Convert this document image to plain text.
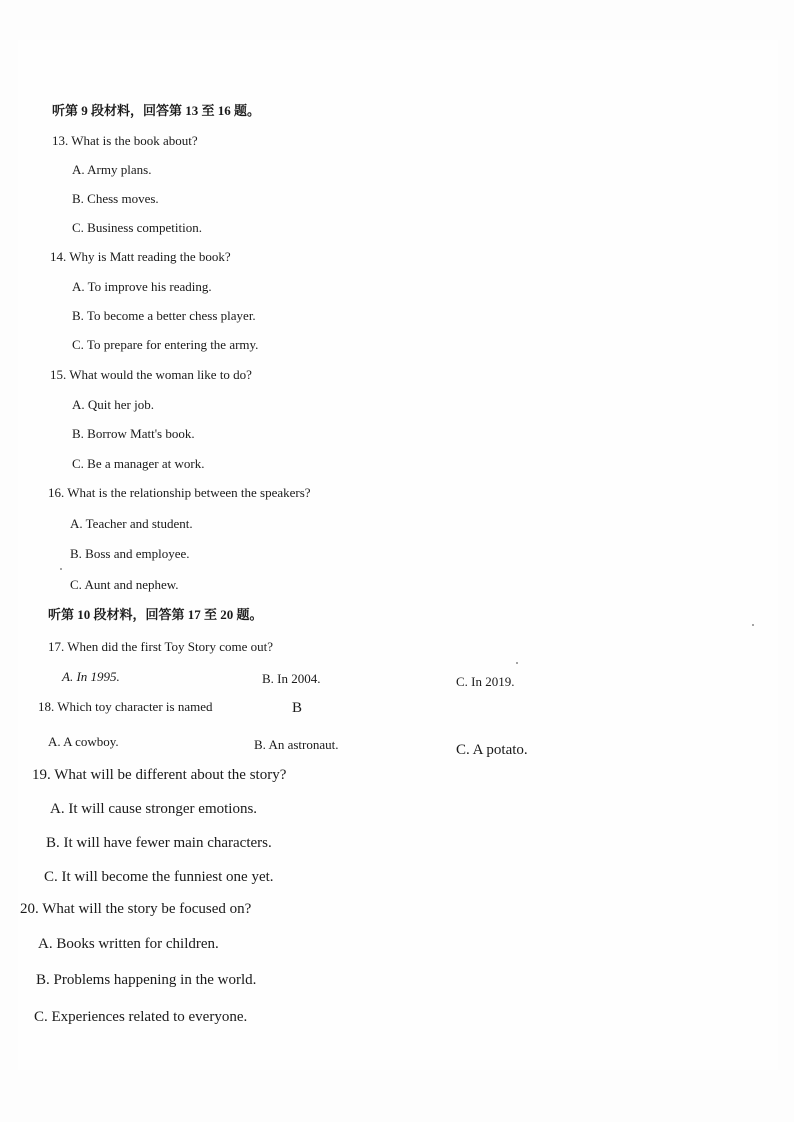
听第 9 段材料，回答第 13 至 16 题。
13. What is the book about?
A. Army plans.
B. Chess moves.
C. Business competition.
14. Why is Matt reading the book?
A. To improve his reading.
B. To become a better chess player.
C. To prepare for entering the army.
15. What would the woman like to do?
A. Quit her job.
B. Borrow Matt's book.
C. Be a manager at work.
16. What is the relationship between the speakers?
A. Teacher and student.
B. Boss and employee.
C. Aunt and nephew.
听第 10 段材料，回答第 17 至 20 题。
17. When did the first Toy Story come out?
A. In 1995.	B. In 2004.	C. In 2019.
18. Which toy character is named	B
A. A cowboy.	B. An astronaut.	C. A potato.
19. What will be different about the story?
A. It will cause stronger emotions.
B. It will have fewer main characters.
C. It will become the funniest one yet.
20. What will the story be focused on?
A. Books written for children.
B. Problems happening in the world.
C. Experiences related to everyone.
